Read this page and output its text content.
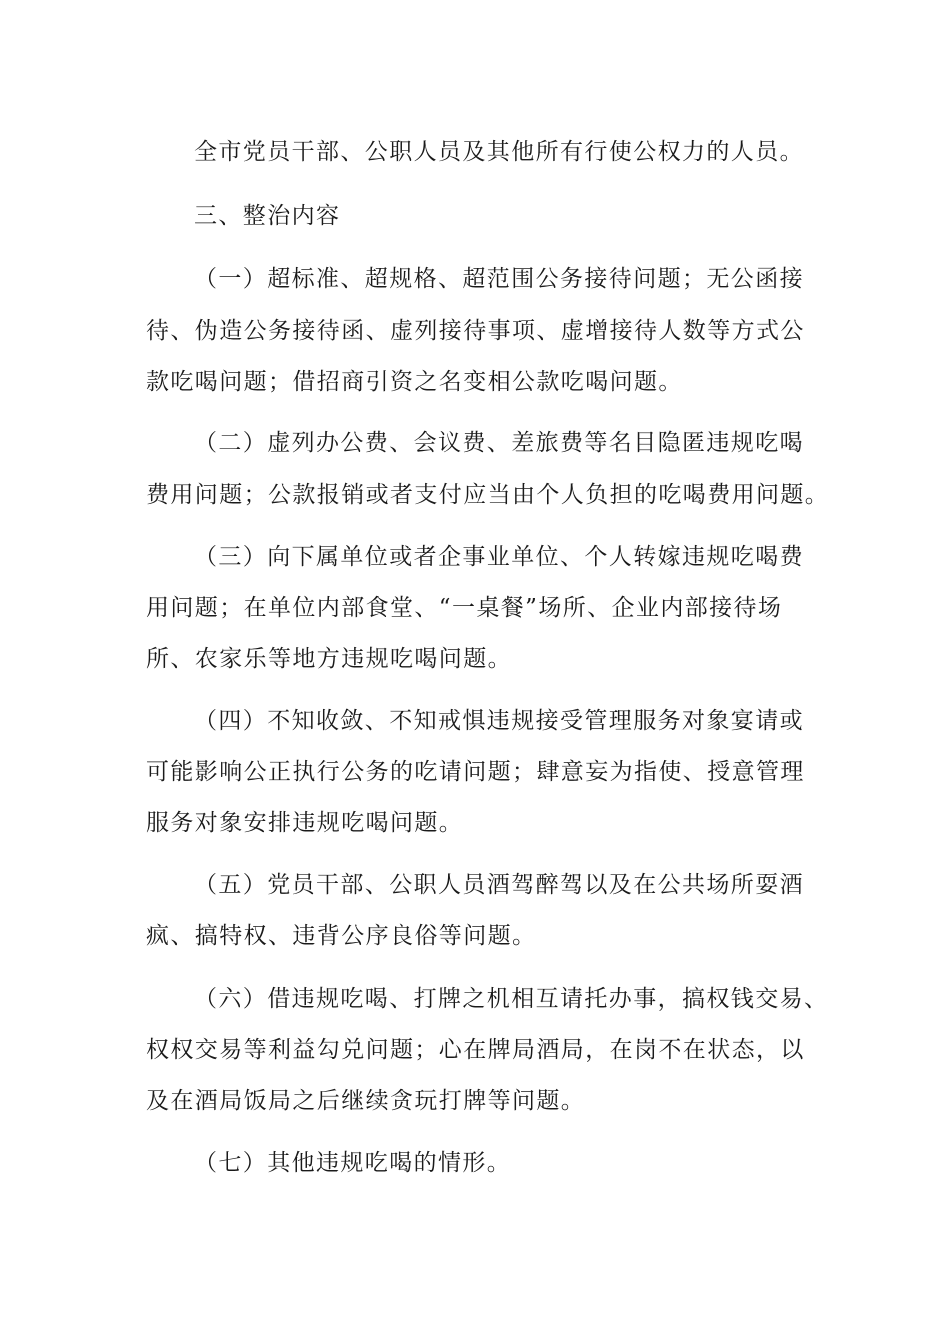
全市党员干部、公职人员及其他所有行使公权力的人员。

三、整治内容

（一）超标准、超规格、超范围公务接待问题；无公函接

待、伪造公务接待函、虚列接待事项、虚增接待人数等方式公

款吃喝问题；借招商引资之名变相公款吃喝问题。

（二）虚列办公费、会议费、差旅费等名目隐匿违规吃喝

费用问题；公款报销或者支付应当由个人负担的吃喝费用问题。

（三）向下属单位或者企事业单位、个人转嫁违规吃喝费

用问题；在单位内部食堂、“一桌餐”场所、企业内部接待场

所、农家乐等地方违规吃喝问题。

（四）不知收敛、不知戒惧违规接受管理服务对象宴请或

可能影响公正执行公务的吃请问题；肆意妄为指使、授意管理

服务对象安排违规吃喝问题。

（五）党员干部、公职人员酒驾醉驾以及在公共场所耍酒

疯、搞特权、违背公序良俗等问题。

（六）借违规吃喝、打牌之机相互请托办事，搞权钱交易、

权权交易等利益勾兑问题；心在牌局酒局，在岗不在状态，以

及在酒局饭局之后继续贪玩打牌等问题。

（七）其他违规吃喝的情形。
